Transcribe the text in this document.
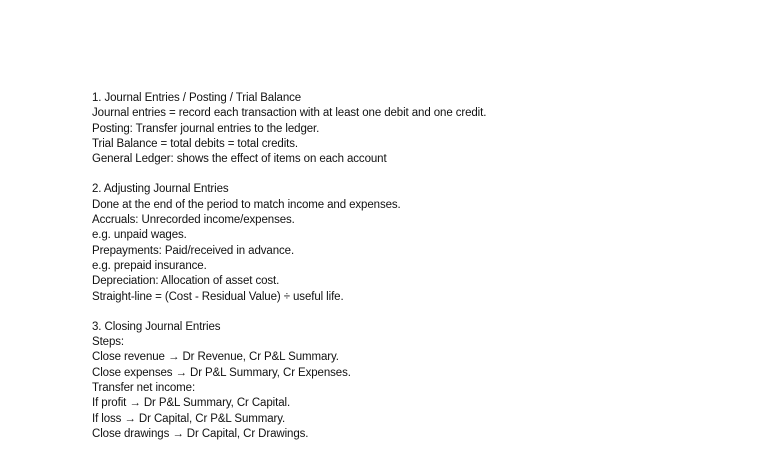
1. Journal Entries / Posting / Trial Balance
Journal entries = record each transaction with at least one debit and one credit.
Posting: Transfer journal entries to the ledger.
Trial Balance = total debits = total credits.
General Ledger: shows the effect of items on each account
2. Adjusting Journal Entries
Done at the end of the period to match income and expenses.
Accruals: Unrecorded income/expenses.
e.g. unpaid wages.
Prepayments: Paid/received in advance.
e.g. prepaid insurance.
Depreciation: Allocation of asset cost.
Straight-line = (Cost - Residual Value) ÷ useful life.
3. Closing Journal Entries
Steps:
Close revenue → Dr Revenue, Cr P&L Summary.
Close expenses → Dr P&L Summary, Cr Expenses.
Transfer net income:
If profit → Dr P&L Summary, Cr Capital.
If loss → Dr Capital, Cr P&L Summary.
Close drawings → Dr Capital, Cr Drawings.
